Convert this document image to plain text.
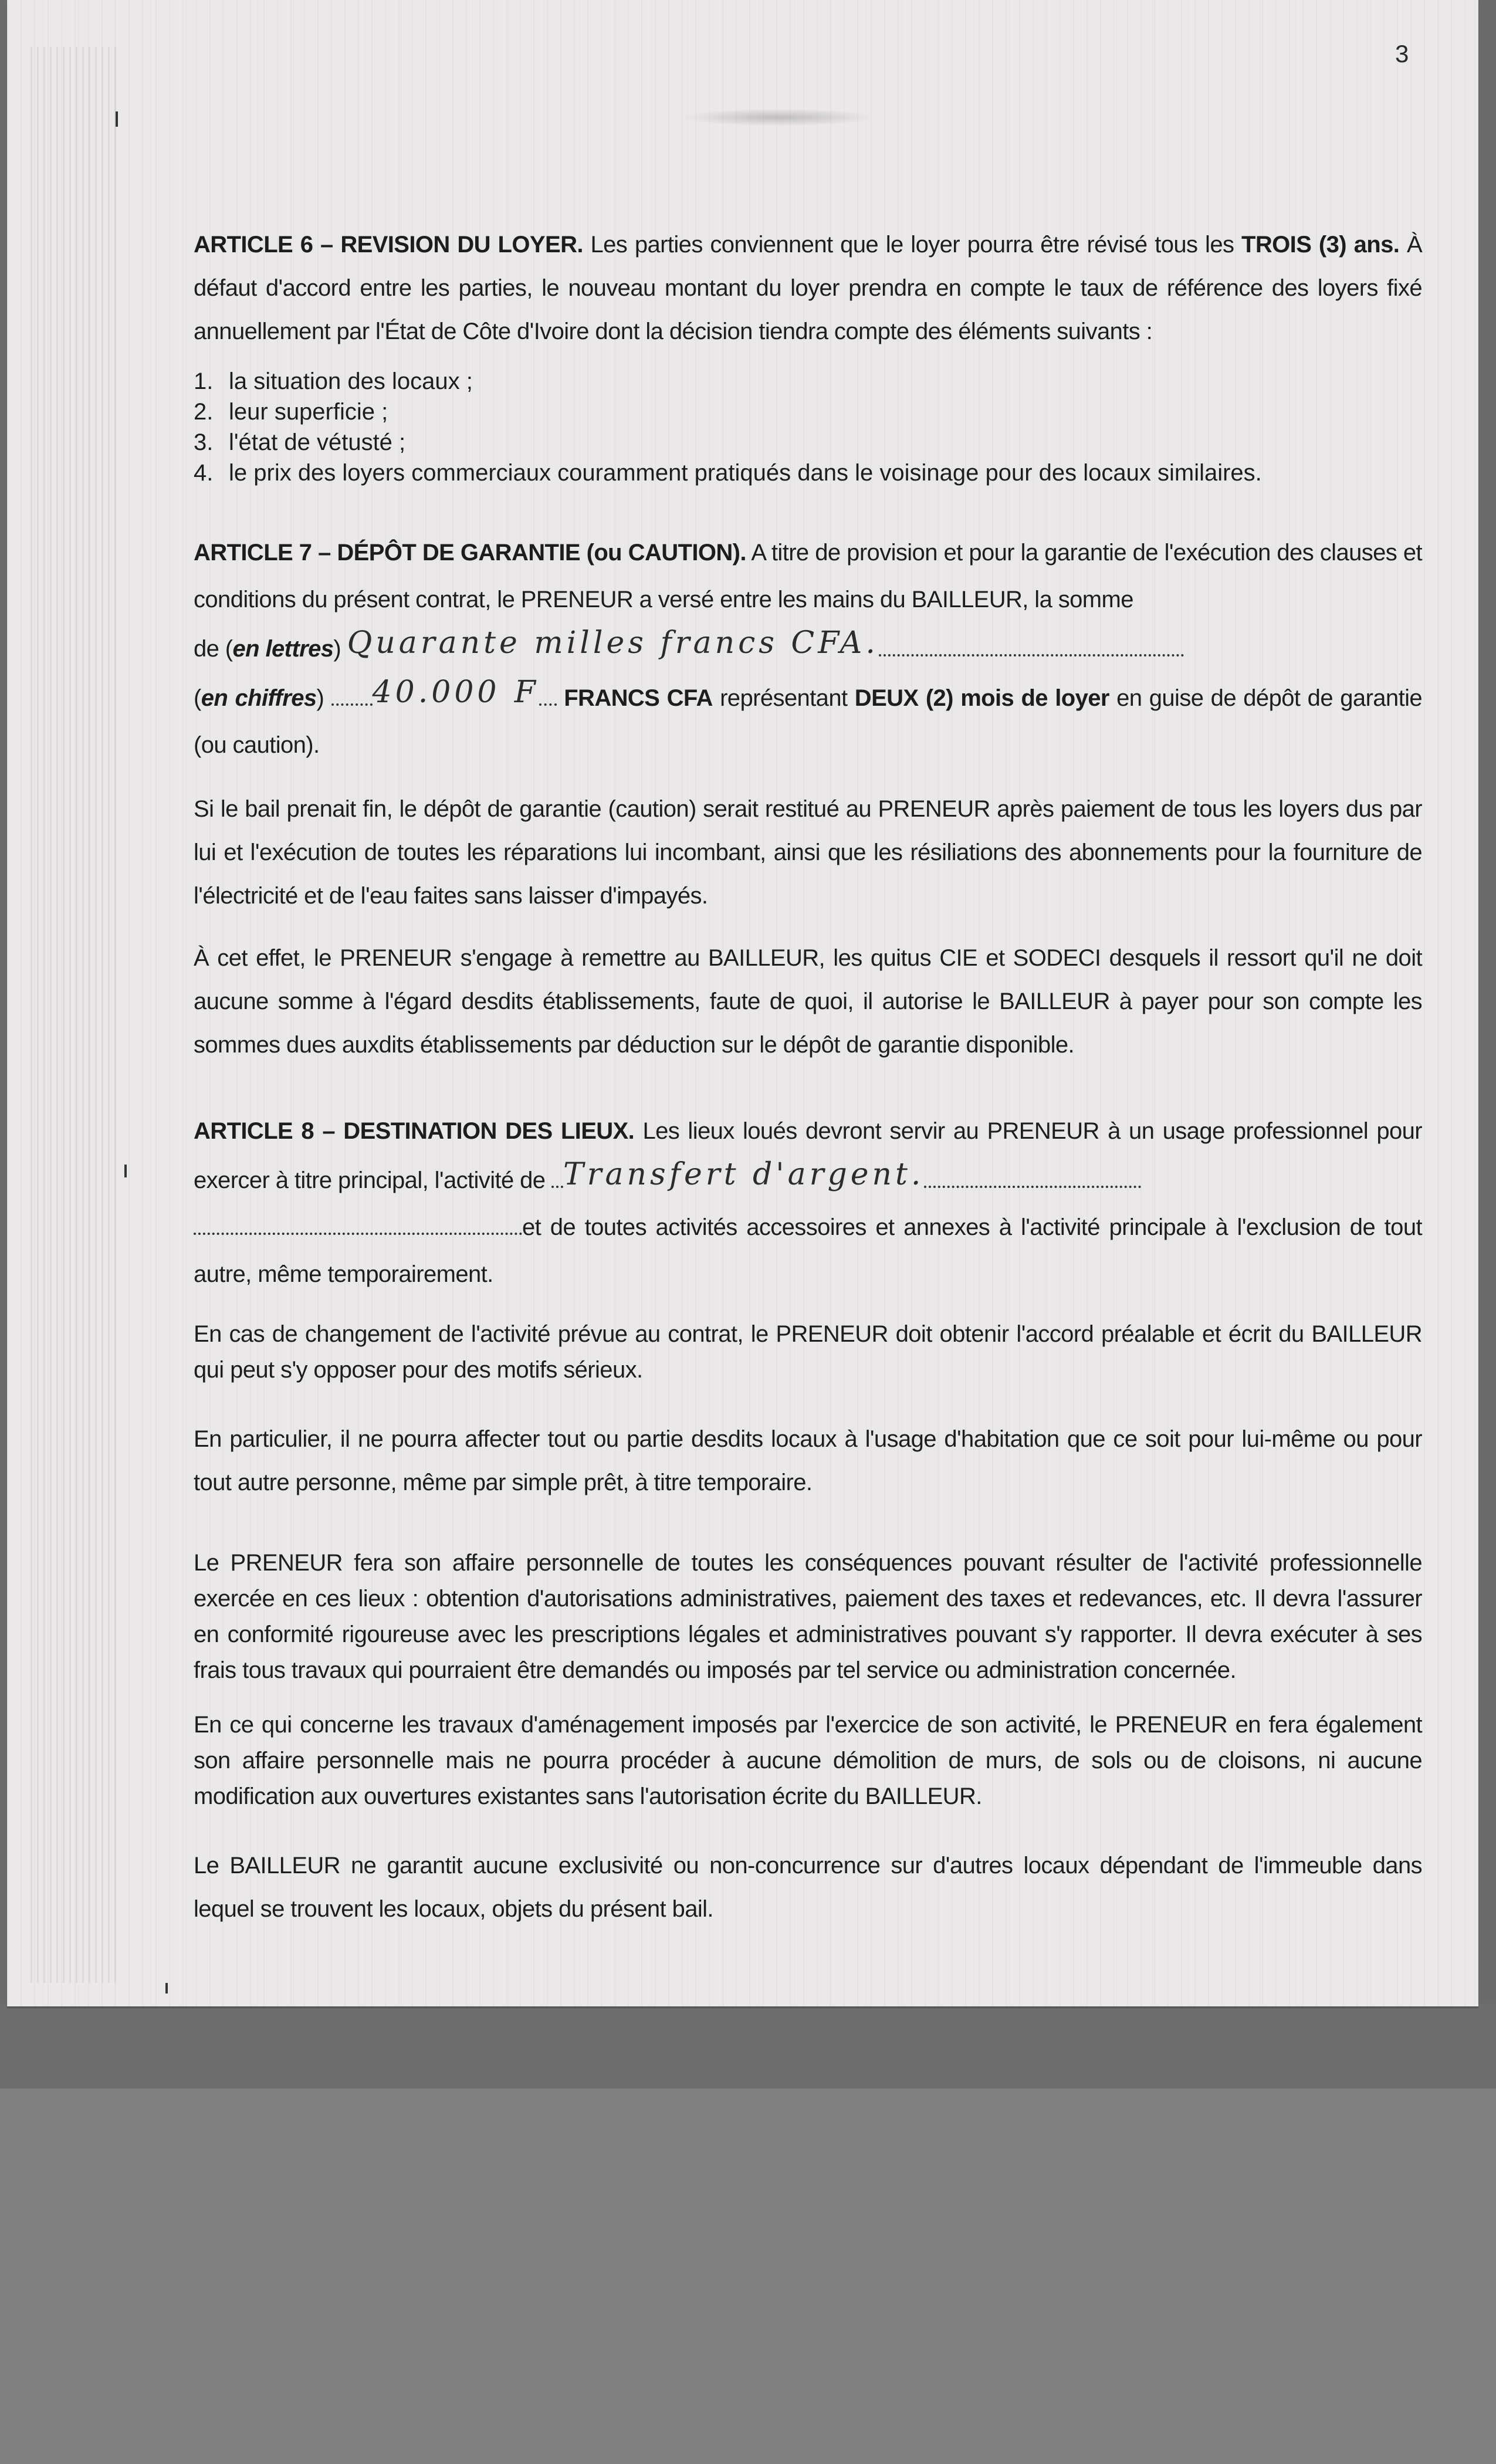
3

ARTICLE 6 – REVISION DU LOYER. Les parties conviennent que le loyer pourra être révisé tous les TROIS (3) ans. À défaut d'accord entre les parties, le nouveau montant du loyer prendra en compte le taux de référence des loyers fixé annuellement par l'État de Côte d'Ivoire dont la décision tiendra compte des éléments suivants :

1. la situation des locaux ;
2. leur superficie ;
3. l'état de vétusté ;
4. le prix des loyers commerciaux couramment pratiqués dans le voisinage pour des locaux similaires.

ARTICLE 7 – DÉPÔT DE GARANTIE (ou CAUTION). A titre de provision et pour la garantie de l'exécution des clauses et conditions du présent contrat, le PRENEUR a versé entre les mains du BAILLEUR, la somme
de (en lettres) Quarante milles francs CFA.
(en chiffres) 40.000 F FRANCS CFA représentant DEUX (2) mois de loyer en guise de dépôt de garantie (ou caution).

Si le bail prenait fin, le dépôt de garantie (caution) serait restitué au PRENEUR après paiement de tous les loyers dus par lui et l'exécution de toutes les réparations lui incombant, ainsi que les résiliations des abonnements pour la fourniture de l'électricité et de l'eau faites sans laisser d'impayés.

À cet effet, le PRENEUR s'engage à remettre au BAILLEUR, les quitus CIE et SODECI desquels il ressort qu'il ne doit aucune somme à l'égard desdits établissements, faute de quoi, il autorise le BAILLEUR à payer pour son compte les sommes dues auxdits établissements par déduction sur le dépôt de garantie disponible.

ARTICLE 8 – DESTINATION DES LIEUX. Les lieux loués devront servir au PRENEUR à un usage professionnel pour exercer à titre principal, l'activité de Transfert d'argent.
et de toutes activités accessoires et annexes à l'activité principale à l'exclusion de tout autre, même temporairement.

En cas de changement de l'activité prévue au contrat, le PRENEUR doit obtenir l'accord préalable et écrit du BAILLEUR qui peut s'y opposer pour des motifs sérieux.

En particulier, il ne pourra affecter tout ou partie desdits locaux à l'usage d'habitation que ce soit pour lui-même ou pour tout autre personne, même par simple prêt, à titre temporaire.

Le PRENEUR fera son affaire personnelle de toutes les conséquences pouvant résulter de l'activité professionnelle exercée en ces lieux : obtention d'autorisations administratives, paiement des taxes et redevances, etc. Il devra l'assurer en conformité rigoureuse avec les prescriptions légales et administratives pouvant s'y rapporter. Il devra exécuter à ses frais tous travaux qui pourraient être demandés ou imposés par tel service ou administration concernée.

En ce qui concerne les travaux d'aménagement imposés par l'exercice de son activité, le PRENEUR en fera également son affaire personnelle mais ne pourra procéder à aucune démolition de murs, de sols ou de cloisons, ni aucune modification aux ouvertures existantes sans l'autorisation écrite du BAILLEUR.

Le BAILLEUR ne garantit aucune exclusivité ou non-concurrence sur d'autres locaux dépendant de l'immeuble dans lequel se trouvent les locaux, objets du présent bail.
